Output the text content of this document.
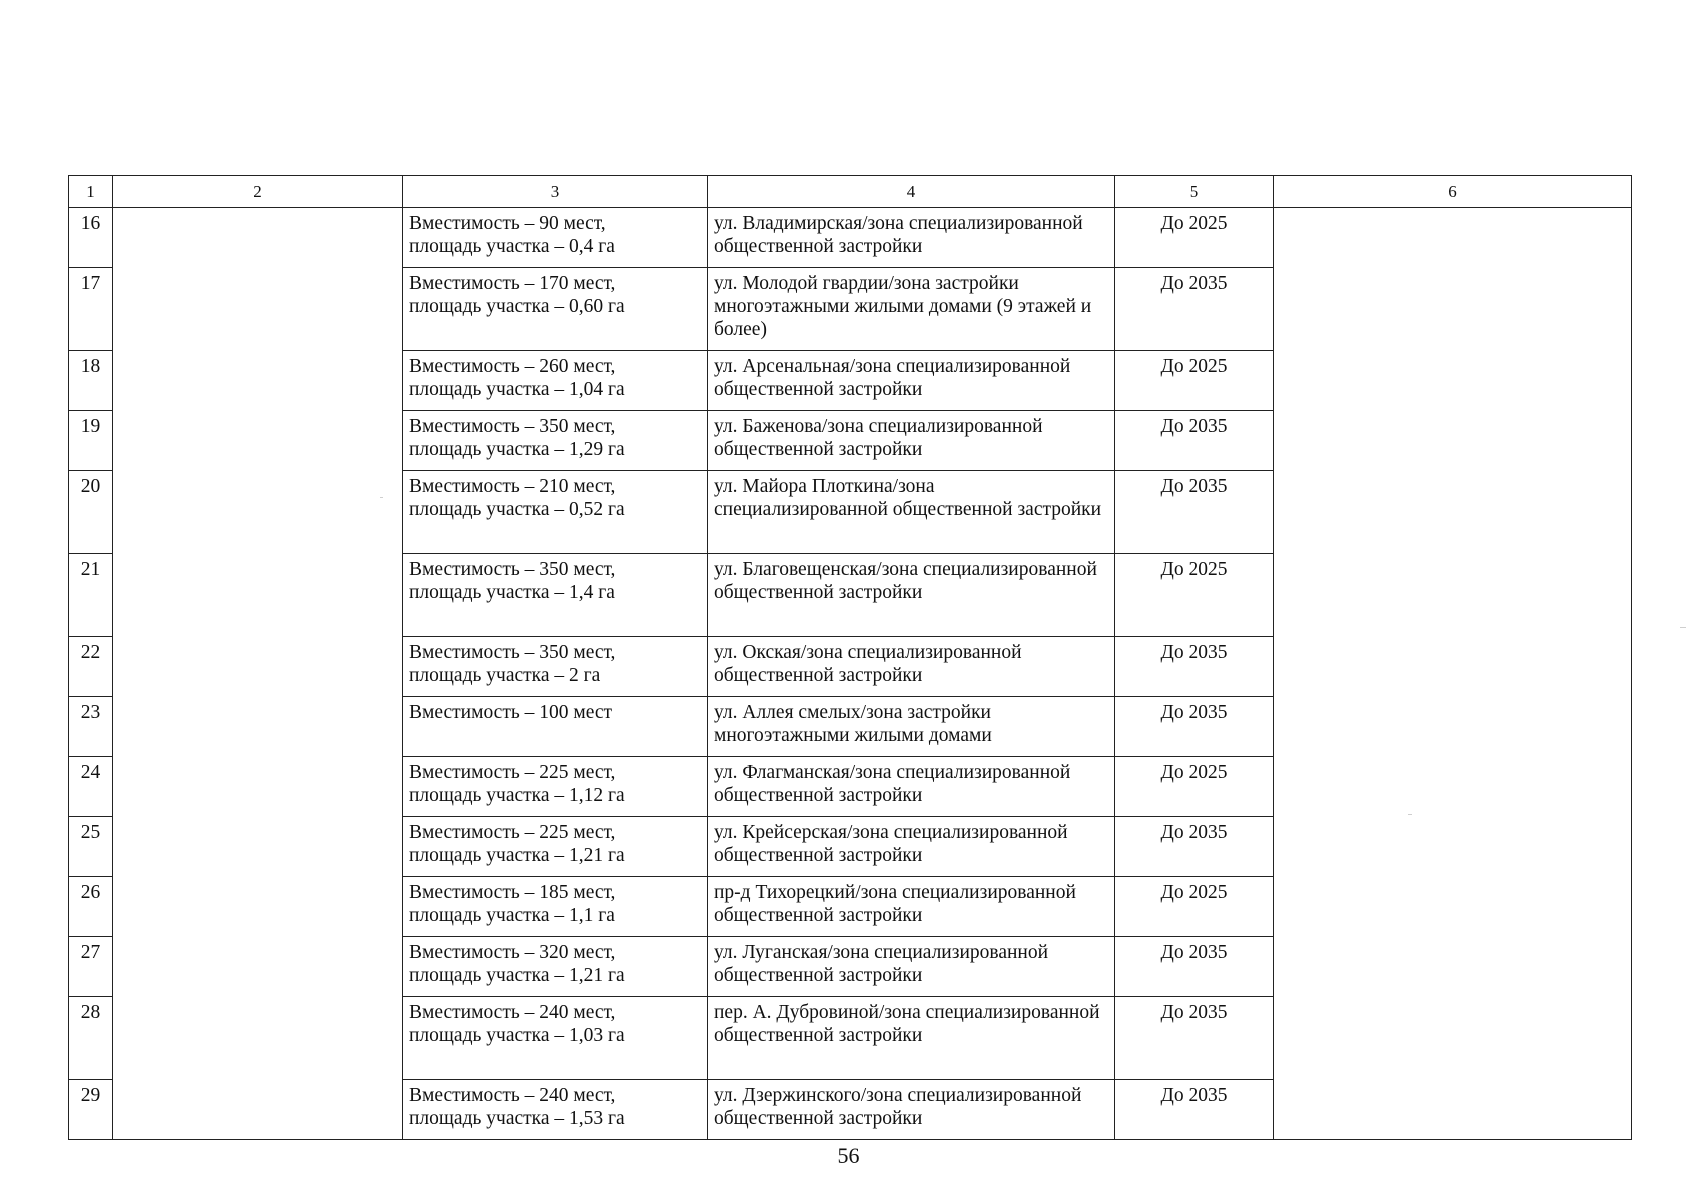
1	2	3	4	5	6
16		Вместимость – 90 мест,
площадь участка – 0,4 га	ул. Владимирская/зона специализированной общественной застройки	До 2025	
17		Вместимость – 170 мест,
площадь участка – 0,60 га	ул. Молодой гвардии/зона застройки многоэтажными жилыми домами (9 этажей и более)	До 2035	
18		Вместимость – 260 мест,
площадь участка – 1,04 га	ул. Арсенальная/зона специализированной общественной застройки	До 2025	
19		Вместимость – 350 мест,
площадь участка – 1,29 га	ул. Баженова/зона специализированной общественной застройки	До 2035	
20		Вместимость – 210 мест,
площадь участка – 0,52 га	ул. Майора Плоткина/зона специализированной общественной застройки	До 2035	
21		Вместимость – 350 мест,
площадь участка – 1,4 га	ул. Благовещенская/зона специализированной общественной застройки	До 2025	
22		Вместимость – 350 мест,
площадь участка – 2 га	ул. Окская/зона специализированной общественной застройки	До 2035	
23		Вместимость – 100 мест	ул. Аллея смелых/зона застройки многоэтажными жилыми домами	До 2035	
24		Вместимость – 225 мест,
площадь участка – 1,12 га	ул. Флагманская/зона специализированной общественной застройки	До 2025	
25		Вместимость – 225 мест,
площадь участка – 1,21 га	ул. Крейсерская/зона специализированной общественной застройки	До 2035	
26		Вместимость – 185 мест,
площадь участка – 1,1 га	пр-д Тихорецкий/зона специализированной общественной застройки	До 2025	
27		Вместимость – 320 мест,
площадь участка – 1,21 га	ул. Луганская/зона специализированной общественной застройки	До 2035	
28		Вместимость – 240 мест,
площадь участка – 1,03 га	пер. А. Дубровиной/зона специализированной общественной застройки	До 2035	
29		Вместимость – 240 мест,
площадь участка – 1,53 га	ул. Дзержинского/зона специализированной общественной застройки	До 2035	
56
